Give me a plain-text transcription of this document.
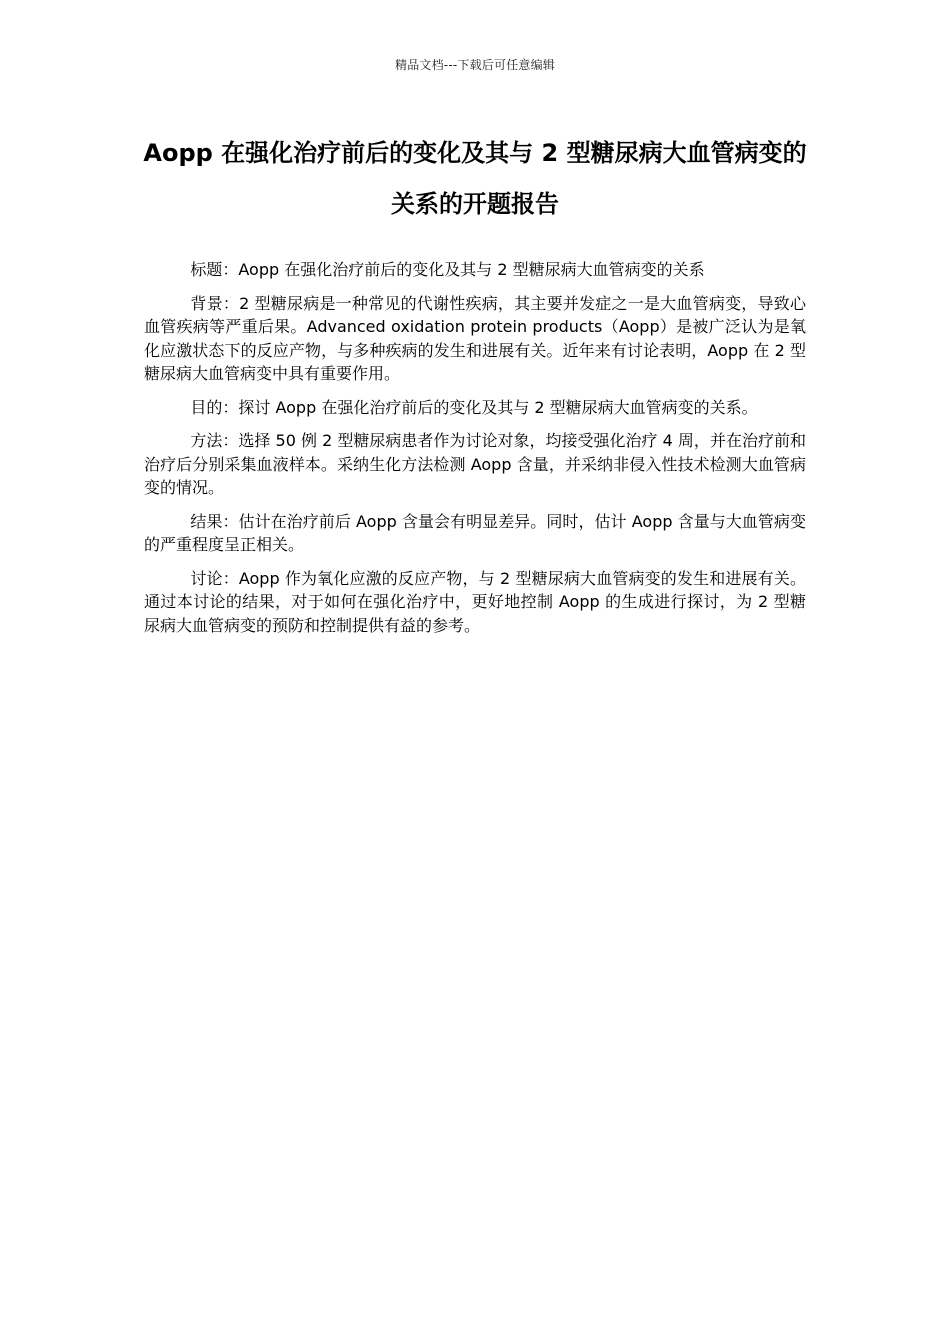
精品文档---下载后可任意编辑
Aopp 在强化治疗前后的变化及其与 2 型糖尿病大血管病变的关系的开题报告

标题：Aopp 在强化治疗前后的变化及其与 2 型糖尿病大血管病变的关系

背景：2 型糖尿病是一种常见的代谢性疾病，其主要并发症之一是大血管病变，导致心血管疾病等严重后果。Advanced oxidation protein products（Aopp）是被广泛认为是氧化应激状态下的反应产物，与多种疾病的发生和进展有关。近年来有讨论表明，Aopp 在 2 型糖尿病大血管病变中具有重要作用。

目的：探讨 Aopp 在强化治疗前后的变化及其与 2 型糖尿病大血管病变的关系。

方法：选择 50 例 2 型糖尿病患者作为讨论对象，均接受强化治疗 4 周，并在治疗前和治疗后分别采集血液样本。采纳生化方法检测 Aopp 含量，并采纳非侵入性技术检测大血管病变的情况。

结果：估计在治疗前后 Aopp 含量会有明显差异。同时，估计 Aopp 含量与大血管病变的严重程度呈正相关。

讨论：Aopp 作为氧化应激的反应产物，与 2 型糖尿病大血管病变的发生和进展有关。通过本讨论的结果，对于如何在强化治疗中，更好地控制 Aopp 的生成进行探讨，为 2 型糖尿病大血管病变的预防和控制提供有益的参考。
